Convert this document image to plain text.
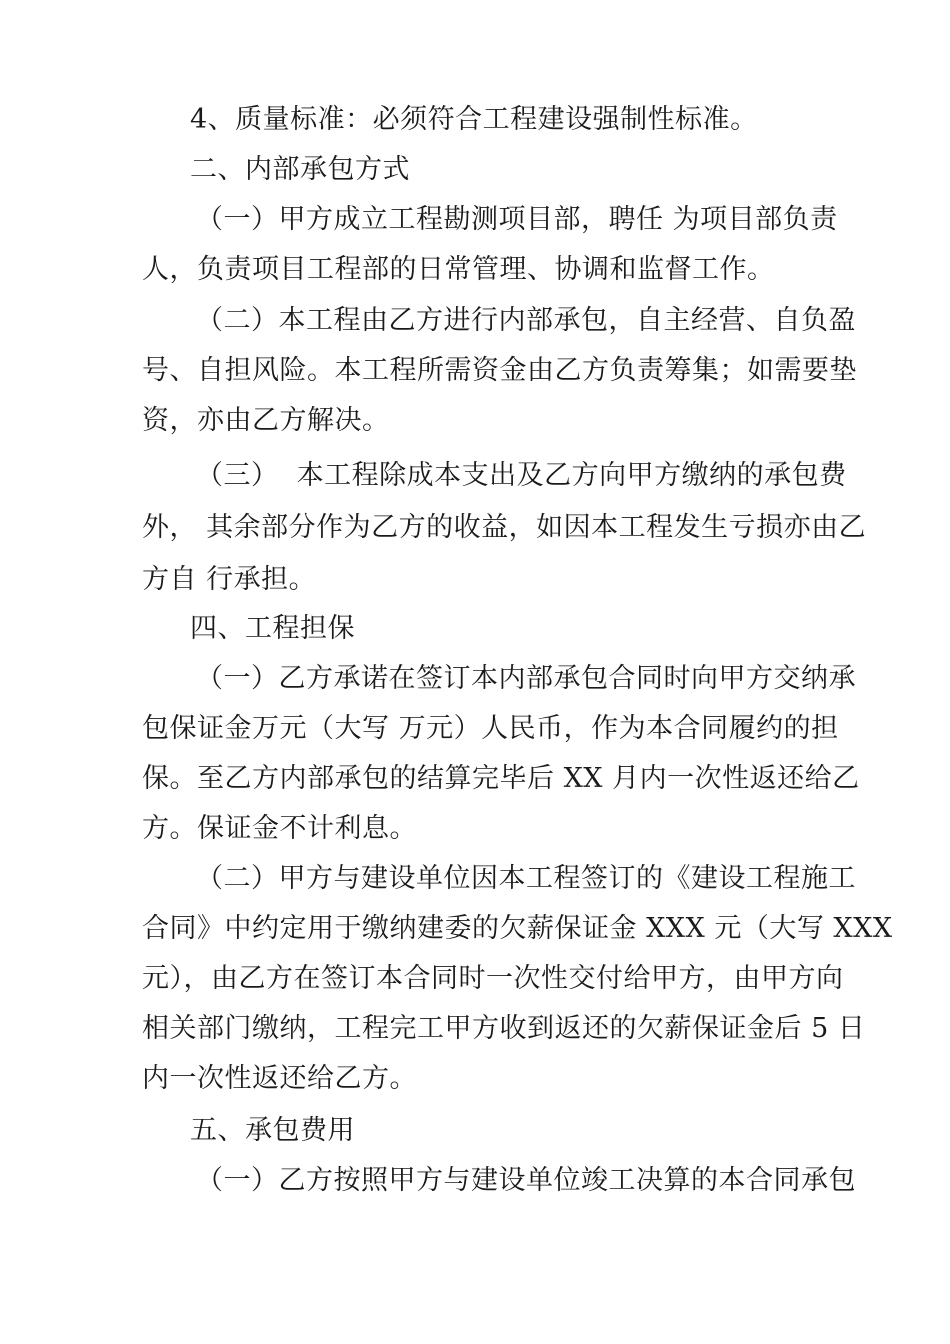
4、质量标准：必须符合工程建设强制性标准。
二、内部承包方式
（一）甲方成立工程勘测项目部，聘任 为项目部负责
人，负责项目工程部的日常管理、协调和监督工作。
（二）本工程由乙方进行内部承包，自主经营、自负盈
号、自担风险。本工程所需资金由乙方负责筹集；如需要垫
资，亦由乙方解决。
（三）  本工程除成本支出及乙方向甲方缴纳的承包费
外， 其余部分作为乙方的收益，如因本工程发生亏损亦由乙
方自 行承担。
四、工程担保
（一）乙方承诺在签订本内部承包合同时向甲方交纳承
包保证金万元（大写 万元）人民币，作为本合同履约的担
保。至乙方内部承包的结算完毕后 XX 月内一次性返还给乙
方。保证金不计利息。
（二）甲方与建设单位因本工程签订的《建设工程施工
合同》中约定用于缴纳建委的欠薪保证金 XXX 元（大写 XXX
元），由乙方在签订本合同时一次性交付给甲方，由甲方向
相关部门缴纳，工程完工甲方收到返还的欠薪保证金后 5 日
内一次性返还给乙方。
五、承包费用
（一）乙方按照甲方与建设单位竣工决算的本合同承包
